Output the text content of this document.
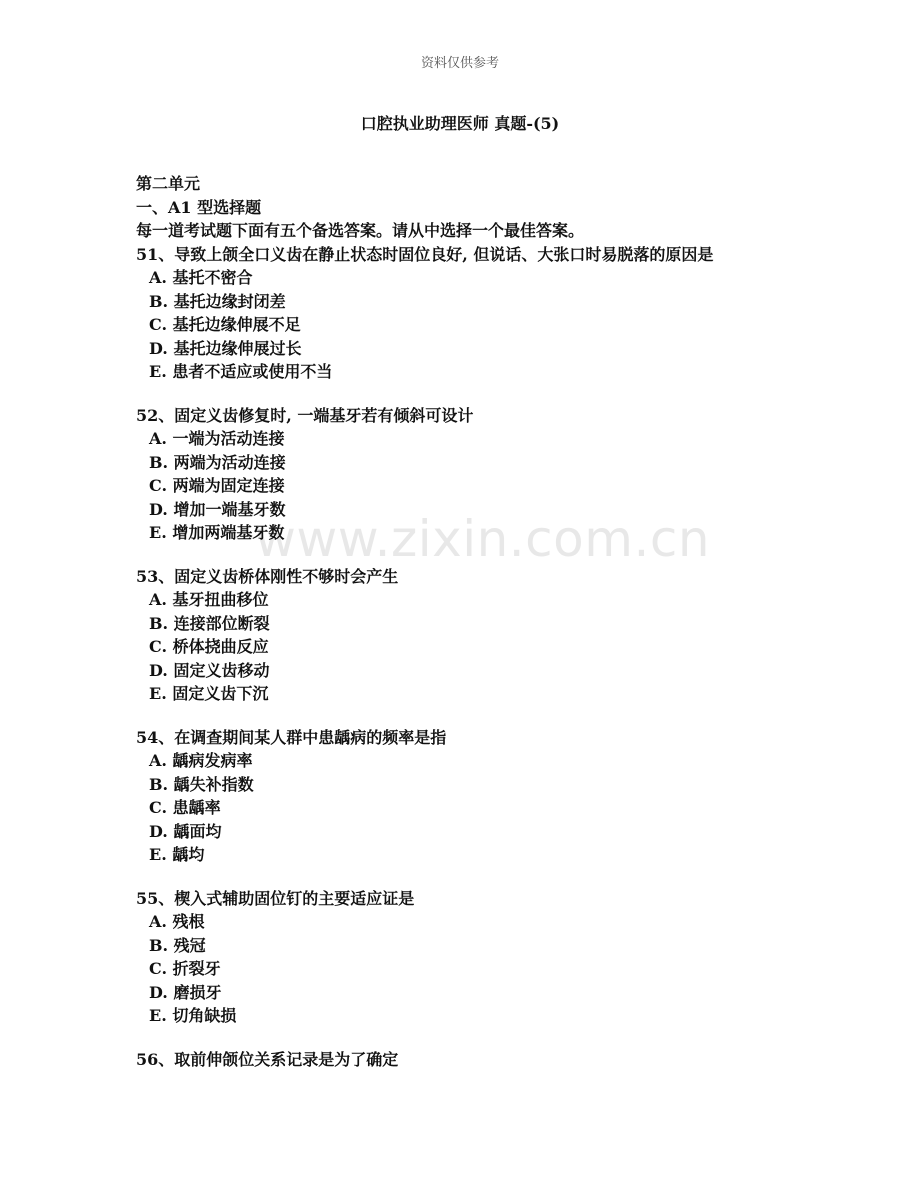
资料仅供参考
口腔执业助理医师 真题-(5)
www.zixin.com.cn
第二单元
一、A1 型选择题
每一道考试题下面有五个备选答案。请从中选择一个最佳答案。
51、导致上颌全口义齿在静止状态时固位良好, 但说话、大张口时易脱落的原因是
A. 基托不密合
B. 基托边缘封闭差
C. 基托边缘伸展不足
D. 基托边缘伸展过长
E. 患者不适应或使用不当
52、固定义齿修复时, 一端基牙若有倾斜可设计
A. 一端为活动连接
B. 两端为活动连接
C. 两端为固定连接
D. 增加一端基牙数
E. 增加两端基牙数
53、固定义齿桥体刚性不够时会产生
A. 基牙扭曲移位
B. 连接部位断裂
C. 桥体挠曲反应
D. 固定义齿移动
E. 固定义齿下沉
54、在调查期间某人群中患龋病的频率是指
A. 龋病发病率
B. 龋失补指数
C. 患龋率
D. 龋面均
E. 龋均
55、楔入式辅助固位钉的主要适应证是
A. 残根
B. 残冠
C. 折裂牙
D. 磨损牙
E. 切角缺损
56、取前伸颌位关系记录是为了确定
